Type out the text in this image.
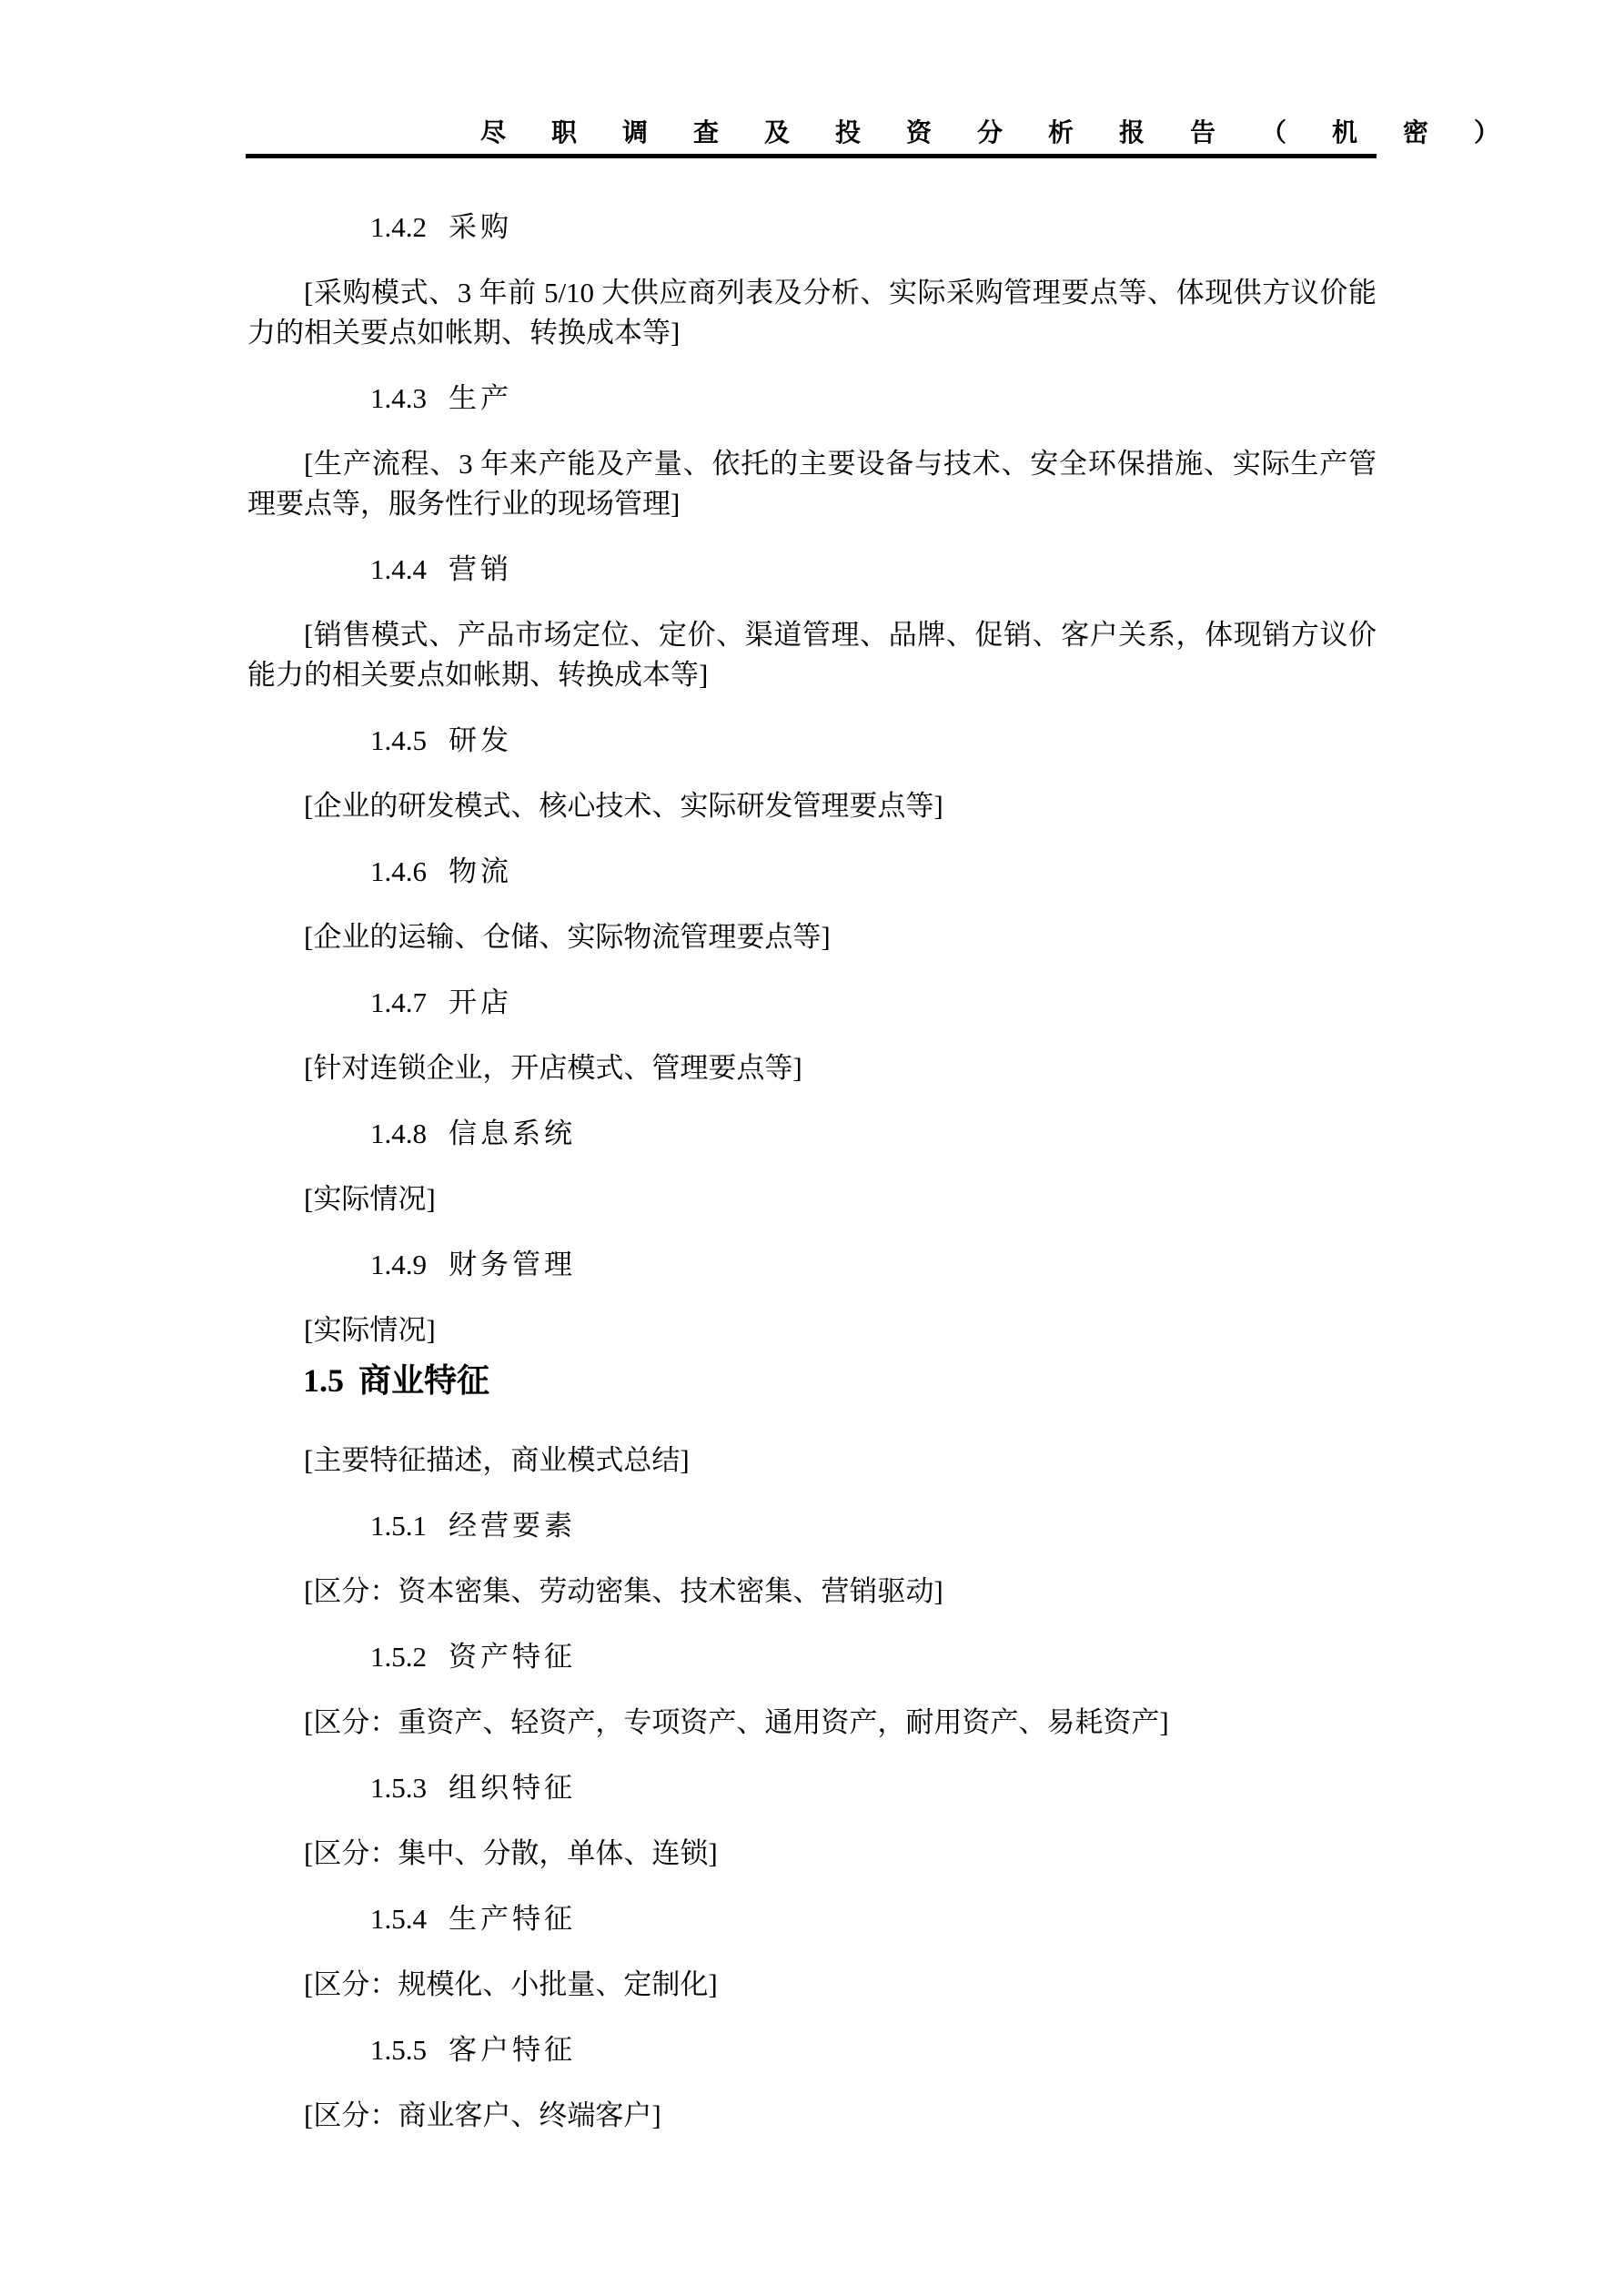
尽职调查及投资分析报告（机密）
1.4.2 采购

[采购模式、3 年前 5/10 大供应商列表及分析、实际采购管理要点等、体现供方议价能力的相关要点如帐期、转换成本等]

1.4.3 生产

[生产流程、3 年来产能及产量、依托的主要设备与技术、安全环保措施、实际生产管理要点等，服务性行业的现场管理]

1.4.4 营销

[销售模式、产品市场定位、定价、渠道管理、品牌、促销、客户关系，体现销方议价能力的相关要点如帐期、转换成本等]

1.4.5 研发

[企业的研发模式、核心技术、实际研发管理要点等]

1.4.6 物流

[企业的运输、仓储、实际物流管理要点等]

1.4.7 开店

[针对连锁企业，开店模式、管理要点等]

1.4.8 信息系统

[实际情况]

1.4.9 财务管理

[实际情况]

1.5 商业特征

[主要特征描述，商业模式总结]

1.5.1 经营要素

[区分：资本密集、劳动密集、技术密集、营销驱动]

1.5.2 资产特征

[区分：重资产、轻资产，专项资产、通用资产，耐用资产、易耗资产]

1.5.3 组织特征

[区分：集中、分散，单体、连锁]

1.5.4 生产特征

[区分：规模化、小批量、定制化]

1.5.5 客户特征

[区分：商业客户、终端客户]
